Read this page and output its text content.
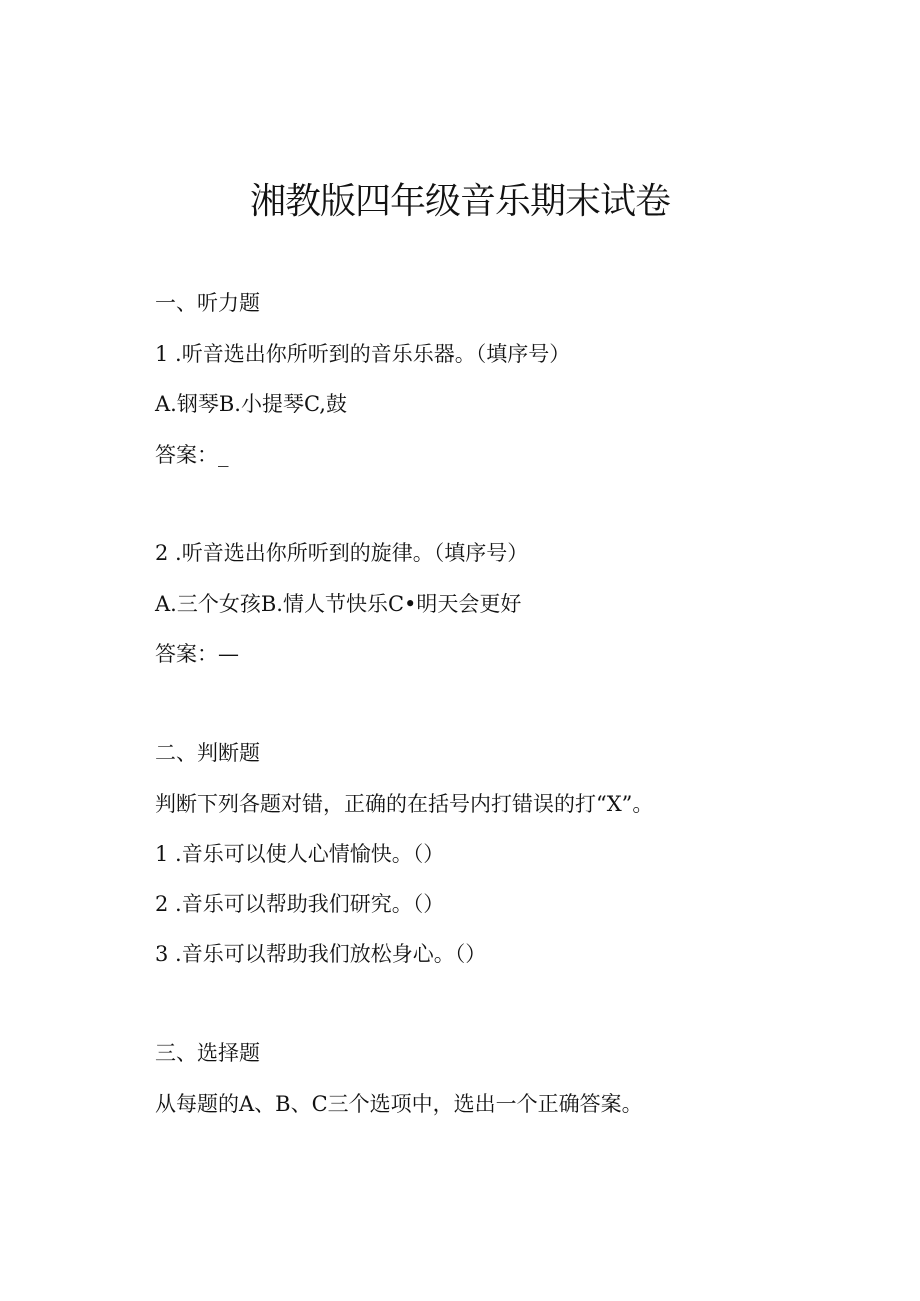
湘教版四年级音乐期末试卷

一、听力题

1 .听音选出你所听到的音乐乐器。（填序号）

A.钢琴B.小提琴C,鼓

答案：_

2 .听音选出你所听到的旋律。（填序号）

A.三个女孩B.情人节快乐C•明天会更好

答案：—

二、判断题

判断下列各题对错，正确的在括号内打错误的打“X”。

1 .音乐可以使人心情愉快。（）

2 .音乐可以帮助我们研究。（）

3 .音乐可以帮助我们放松身心。（）

三、选择题

从每题的A、B、C三个选项中，选出一个正确答案。
